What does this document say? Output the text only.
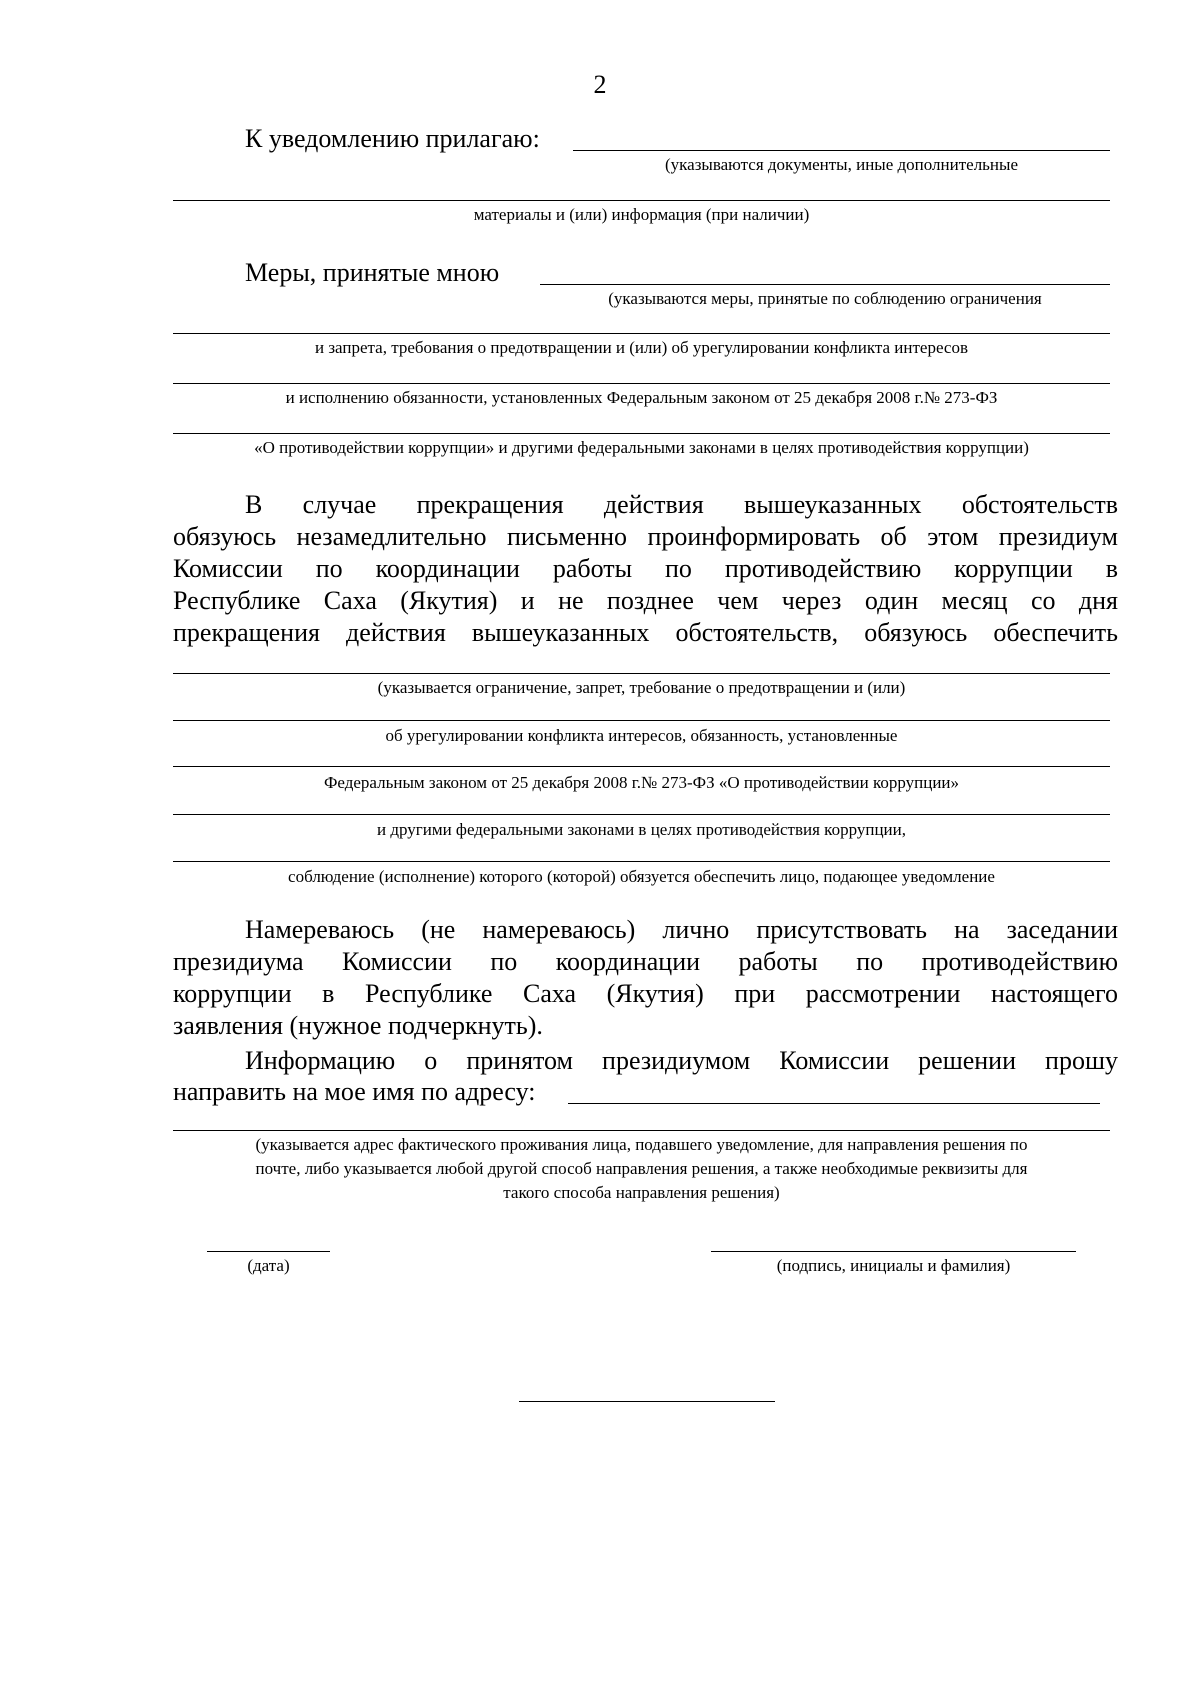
2
К уведомлению прилагаю:
(указываются документы, иные дополнительные
материалы и (или) информация (при наличии)
Меры, принятые мною
(указываются меры, принятые по соблюдению ограничения
и запрета, требования о предотвращении и (или) об урегулировании конфликта интересов
и исполнению обязанности, установленных Федеральным законом от 25 декабря 2008 г.№ 273-ФЗ
«О противодействии коррупции» и другими федеральными законами в целях противодействия коррупции)
В случае прекращения действия вышеуказанных обстоятельств
обязуюсь незамедлительно письменно проинформировать об этом президиум
Комиссии по координации работы по противодействию коррупции в
Республике Саха (Якутия) и не позднее чем через один месяц со дня
прекращения действия вышеуказанных обстоятельств, обязуюсь обеспечить
(указывается ограничение, запрет, требование о предотвращении и (или)
об урегулировании конфликта интересов, обязанность, установленные
Федеральным законом от 25 декабря 2008 г.№ 273-ФЗ «О противодействии коррупции»
и другими федеральными законами в целях противодействия коррупции,
соблюдение (исполнение) которого (которой) обязуется обеспечить лицо, подающее уведомление
Намереваюсь (не намереваюсь) лично присутствовать на заседании
президиума Комиссии по координации работы по противодействию
коррупции в Республике Саха (Якутия) при рассмотрении настоящего
заявления (нужное подчеркнуть).
Информацию о принятом президиумом Комиссии решении прошу
направить на мое имя по адресу:
(указывается адрес фактического проживания лица, подавшего уведомление, для направления решения по
почте, либо указывается любой другой способ направления решения, а также необходимые реквизиты для
такого способа направления решения)
(дата)	(подпись, инициалы и фамилия)
